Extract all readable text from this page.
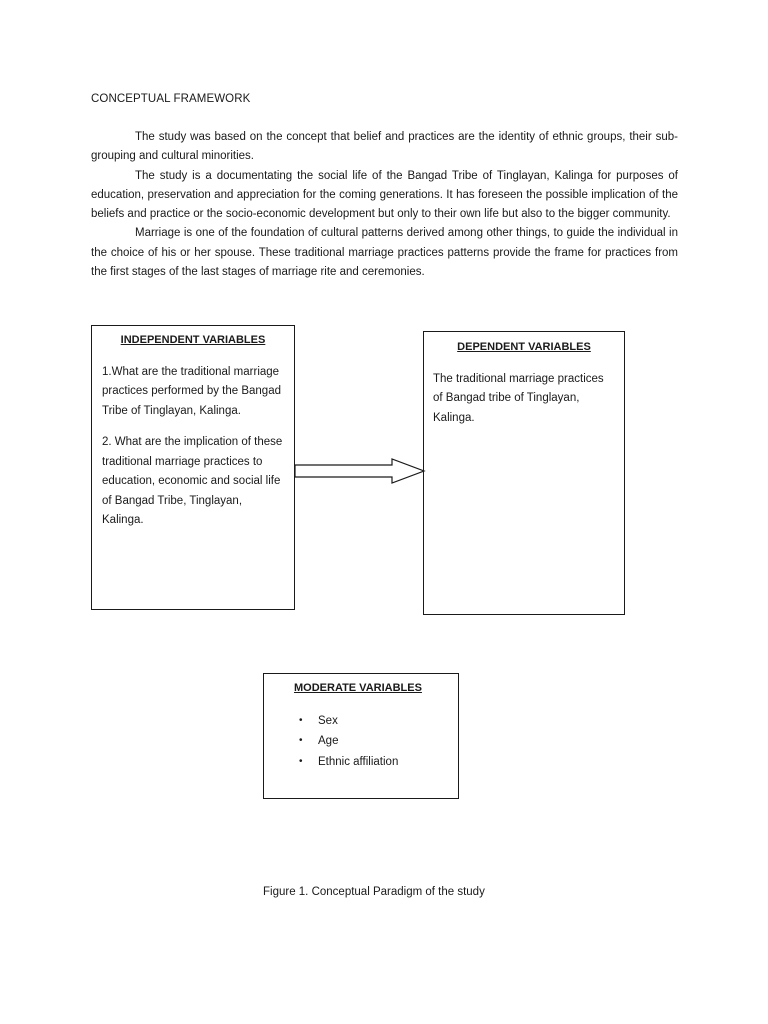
CONCEPTUAL FRAMEWORK

The study was based on the concept that belief and practices are the identity of ethnic groups, their sub-grouping and cultural minorities.

The study is a documentating the social life of the Bangad Tribe of Tinglayan, Kalinga for purposes of education, preservation and appreciation for the coming generations. It has foreseen the possible implication of the beliefs and practice or the socio-economic development but only to their own life but also to the bigger community.

Marriage is one of the foundation of cultural patterns derived among other things, to guide the individual in the choice of his or her spouse. These traditional marriage practices patterns provide the frame for practices from the first stages of the last stages of marriage rite and ceremonies.

INDEPENDENT VARIABLES

1.What are the traditional marriage practices performed by the Bangad Tribe of Tinglayan, Kalinga.

2. What are the implication of these traditional marriage practices to education, economic and social life of Bangad Tribe, Tinglayan, Kalinga.

DEPENDENT VARIABLES

The traditional marriage practices of Bangad tribe of Tinglayan, Kalinga.

MODERATE VARIABLES
•	Sex
•	Age
•	Ethnic affiliation
Figure 1. Conceptual Paradigm of the study
